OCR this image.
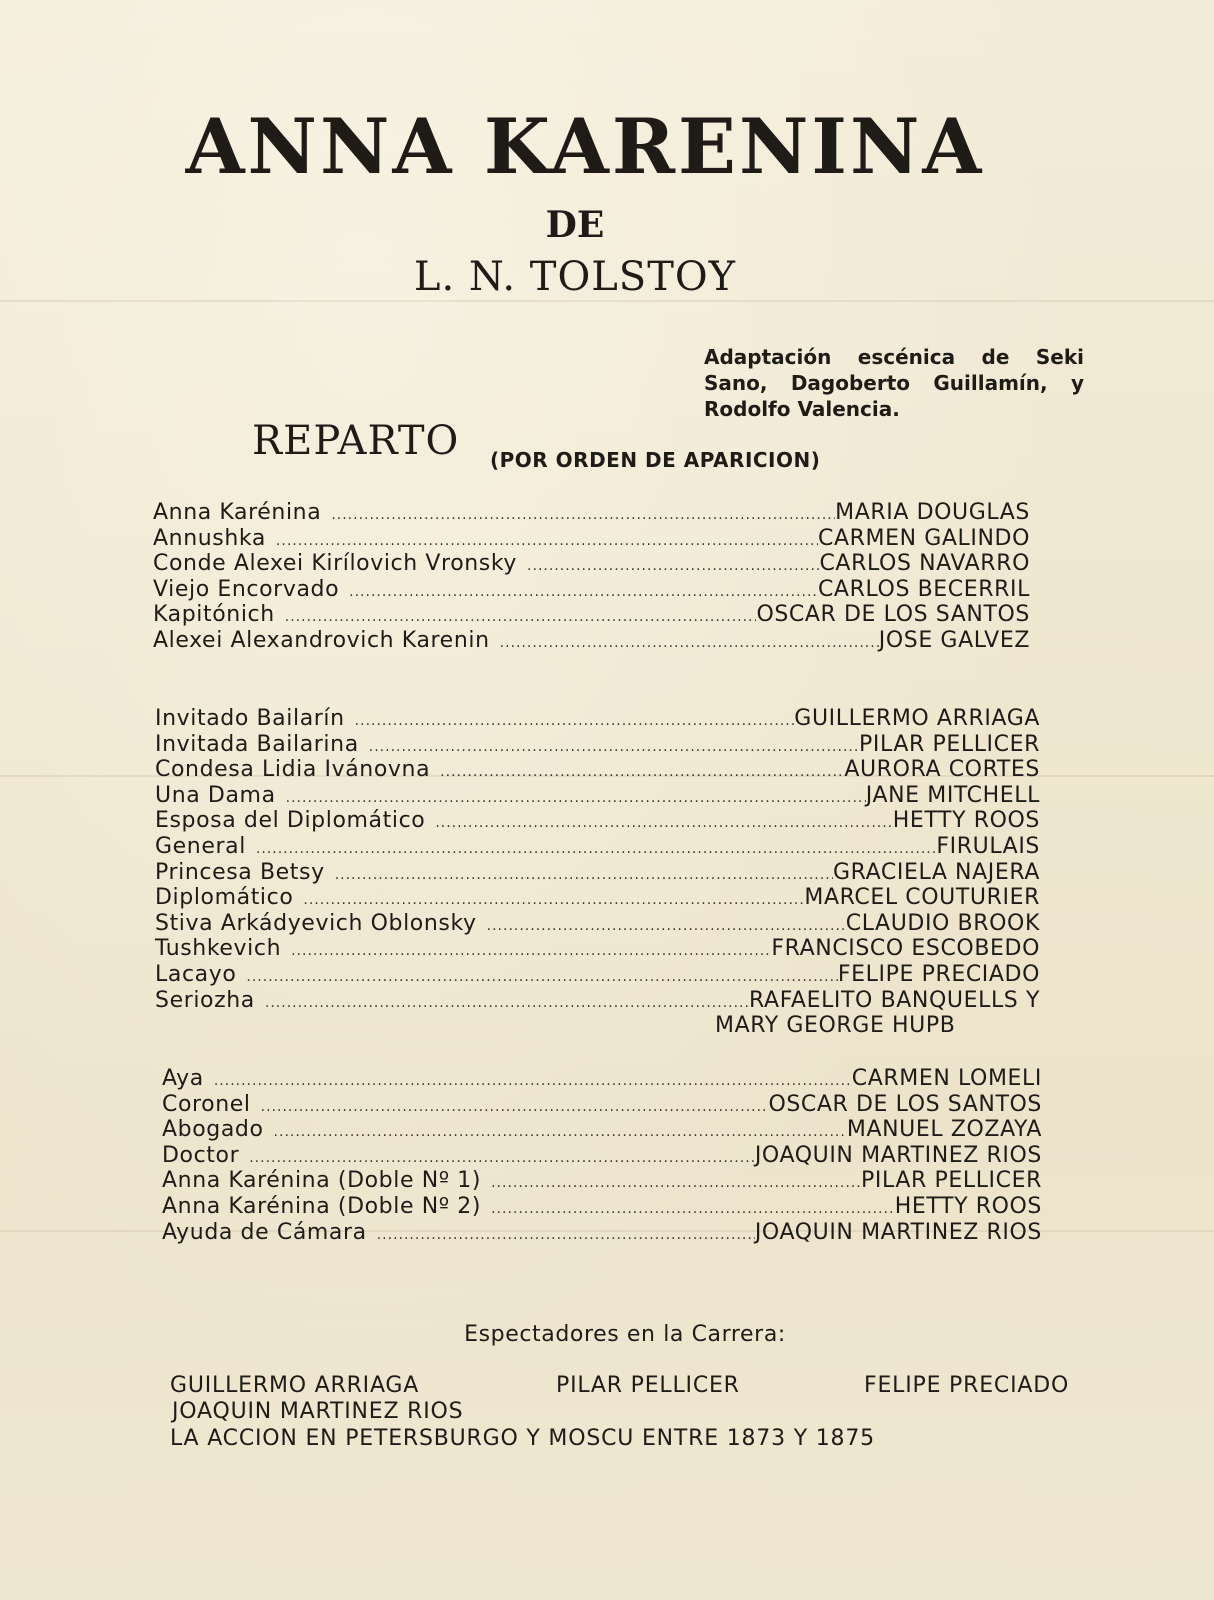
ANNA KARENINA
DE
L. N. TOLSTOY
Adaptación escénica de Seki Sano, Dagoberto Guillamín, y Rodolfo Valencia.
REPARTO (POR ORDEN DE APARICION)
Anna Karénina .....	MARIA DOUGLAS
Annushka .....	CARMEN GALINDO
Conde Alexei Kirílovich Vronsky .....	CARLOS NAVARRO
Viejo Encorvado .....	CARLOS BECERRIL
Kapitónich .....	OSCAR DE LOS SANTOS
Alexei Alexandrovich Karenin .....	JOSE GALVEZ
Invitado Bailarín .....	GUILLERMO ARRIAGA
Invitada Bailarina .....	PILAR PELLICER
Condesa Lidia Ivánovna .....	AURORA CORTES
Una Dama .....	JANE MITCHELL
Esposa del Diplomático .....	HETTY ROOS
General .....	FIRULAIS
Princesa Betsy .....	GRACIELA NAJERA
Diplomático .....	MARCEL COUTURIER
Stiva Arkádyevich Oblonsky .....	CLAUDIO BROOK
Tushkevich .....	FRANCISCO ESCOBEDO
Lacayo .....	FELIPE PRECIADO
Seriozha .....	RAFAELITO BANQUELLS Y
MARY GEORGE HUPB
Aya .....	CARMEN LOMELI
Coronel .....	OSCAR DE LOS SANTOS
Abogado .....	MANUEL ZOZAYA
Doctor .....	JOAQUIN MARTINEZ RIOS
Anna Karénina (Doble Nº 1) .....	PILAR PELLICER
Anna Karénina (Doble Nº 2) .....	HETTY ROOS
Ayuda de Cámara .....	JOAQUIN MARTINEZ RIOS
Espectadores en la Carrera:
GUILLERMO ARRIAGA	PILAR PELLICER	FELIPE PRECIADO
JOAQUIN MARTINEZ RIOS
LA ACCION EN PETERSBURGO Y MOSCU ENTRE 1873 Y 1875
